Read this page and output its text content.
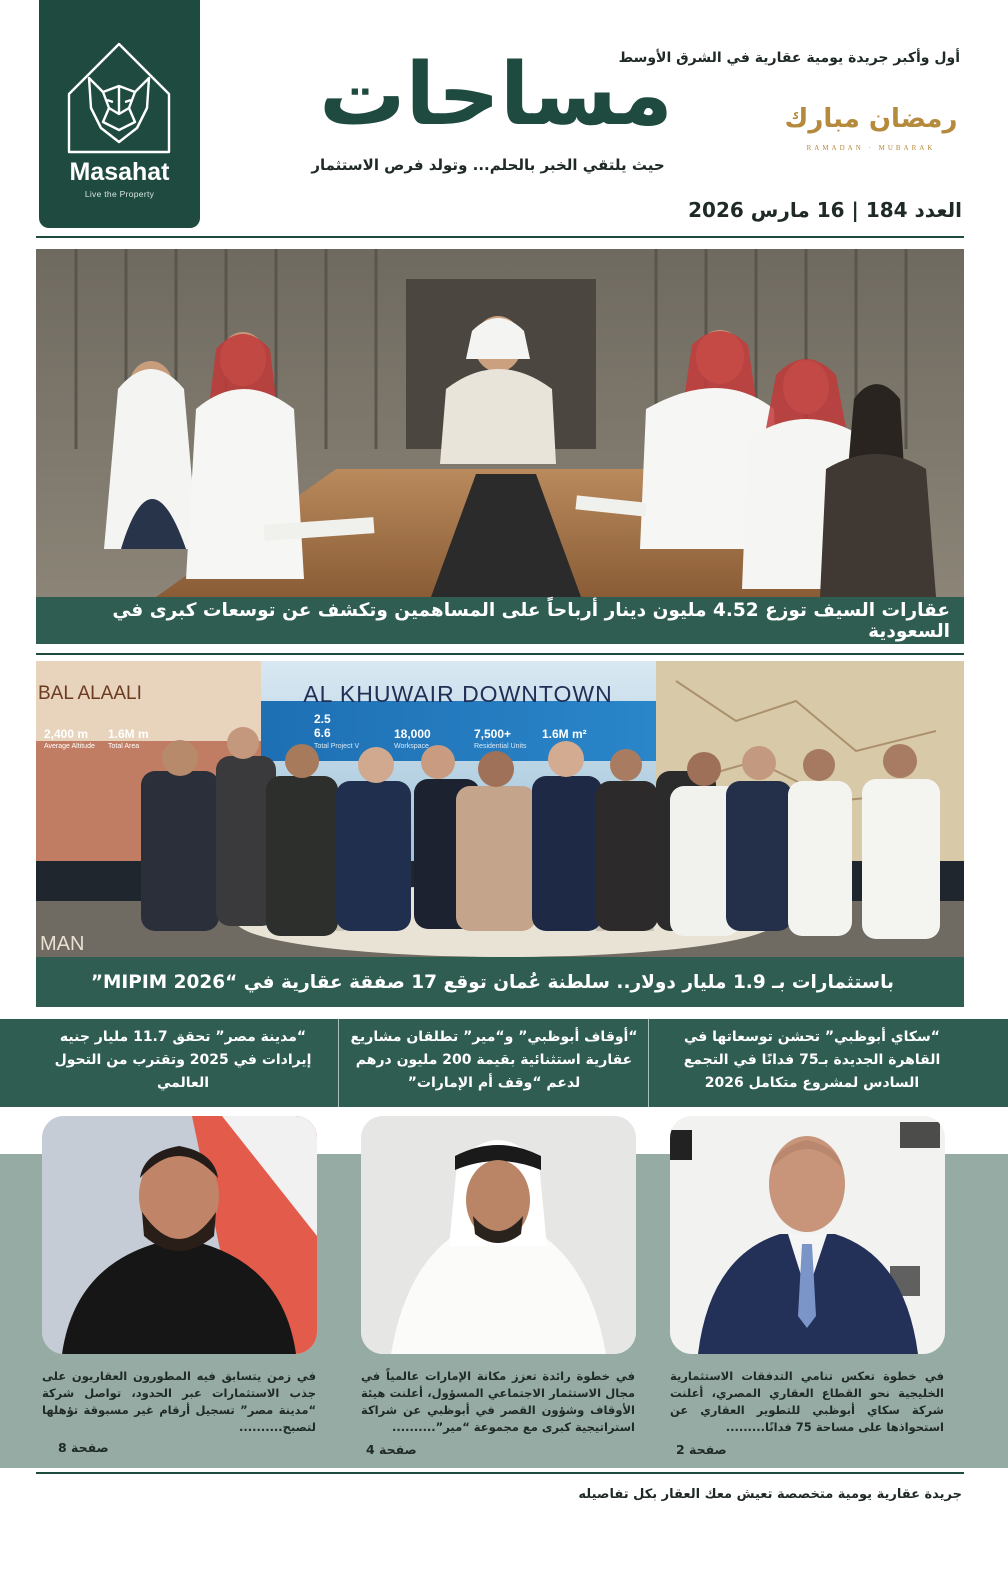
Masahat
Live the Property
أول وأكبر جريدة يومية عقارية في الشرق الأوسط
مساحات
حيث يلتقي الخبر بالحلم... وتولد فرص الاستثمار
رمضان مبارك
RAMADAN · MUBARAK
العدد 184 | 16 مارس 2026
عقارات السيف توزع 4.52 مليون دينار أرباحاً على المساهمين وتكشف عن توسعات كبرى في السعودية
AL KHUWAIR DOWNTOWN
BAL ALAALI
2.5
6.6
Total Project V
18,000
Workspace
7,500+
Residential Units
1.6M m²
2,400 m
Average Altitude
1.6M m
Total Area
MAN
باستثمارات بـ 1.9 مليار دولار.. سلطنة عُمان توقع 17 صفقة عقارية في “MIPIM 2026”
“سكاي أبوظبي” تحشن توسعاتها في القاهرة الجديدة بـ75 فدانًا في التجمع السادس لمشروع متكامل 2026
“أوقاف أبوظبي” و“مير” تطلقان مشاريع عقارية استثنائية بقيمة 200 مليون درهم لدعم “وقف أم الإمارات”
“مدينة مصر” تحقق 11.7 مليار جنيه إيرادات في 2025 وتقترب من التحول العالمي
في خطوة تعكس تنامي التدفقات الاستثمارية الخليجية نحو القطاع العقاري المصري، أعلنت شركة سكاي أبوظبي للتطوير العقاري عن استحواذها على مساحة 75 فدانًا.........
في خطوة رائدة تعزز مكانة الإمارات عالمياً في مجال الاستثمار الاجتماعي المسؤول، أعلنت هيئة الأوقاف وشؤون القصر في أبوظبي عن شراكة استراتيجية كبرى مع مجموعة “مير”..........
في زمن يتسابق فيه المطورون العقاريون على جذب الاستثمارات عبر الحدود، تواصل شركة “مدينة مصر” تسجيل أرقام غير مسبوقة تؤهلها لتصبح..........
صفحة 2
صفحة 4
صفحة 8
جريدة عقارية يومية متخصصة تعيش معك العقار بكل تفاصيله
